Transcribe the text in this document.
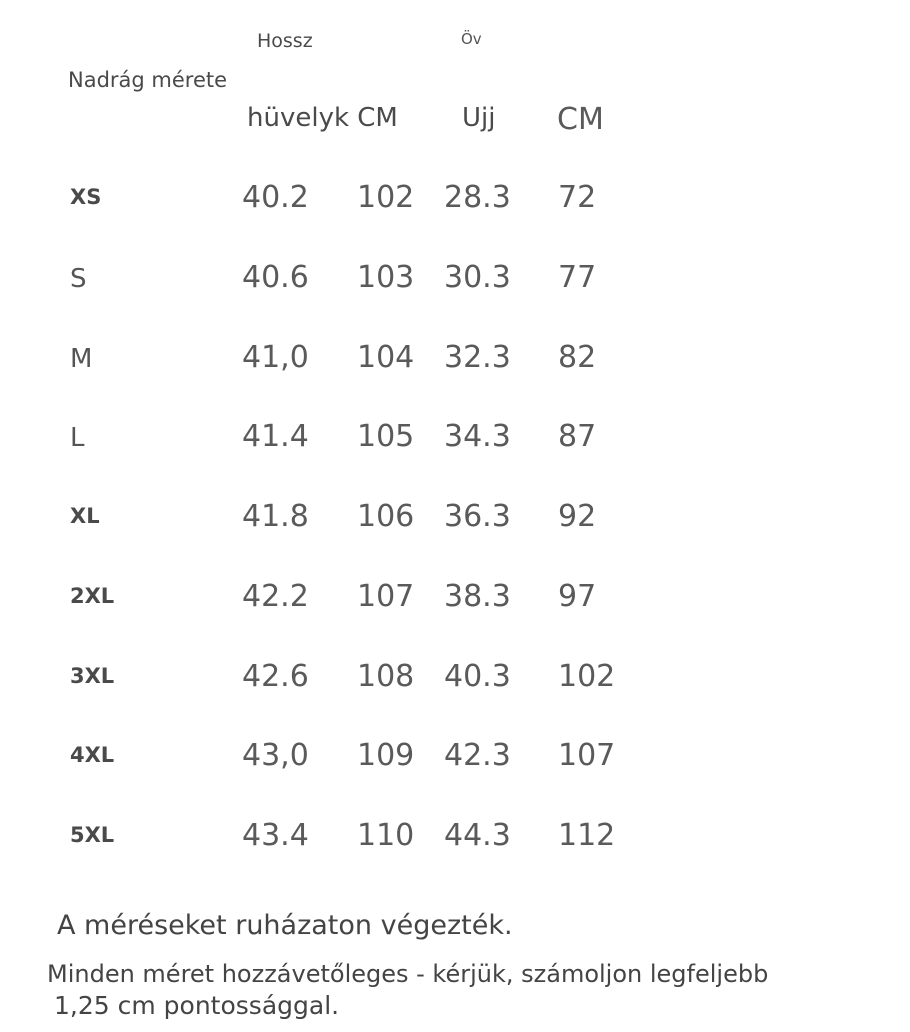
Hossz	Öv
Nadrág mérete
hüvelyk CM Ujj CM
XS	40.2 102 28.3 72
S	40.6 103 30.3 77
M	41,0 104 32.3 82
L	41.4 105 34.3 87
XL	41.8 106 36.3 92
2XL	42.2 107 38.3 97
3XL	42.6 108 40.3 102
4XL	43,0 109 42.3 107
5XL	43.4 110 44.3 112
A méréseket ruházaton végezték.
Minden méret hozzávetőleges - kérjük, számoljon legfeljebb
1,25 cm pontossággal.
